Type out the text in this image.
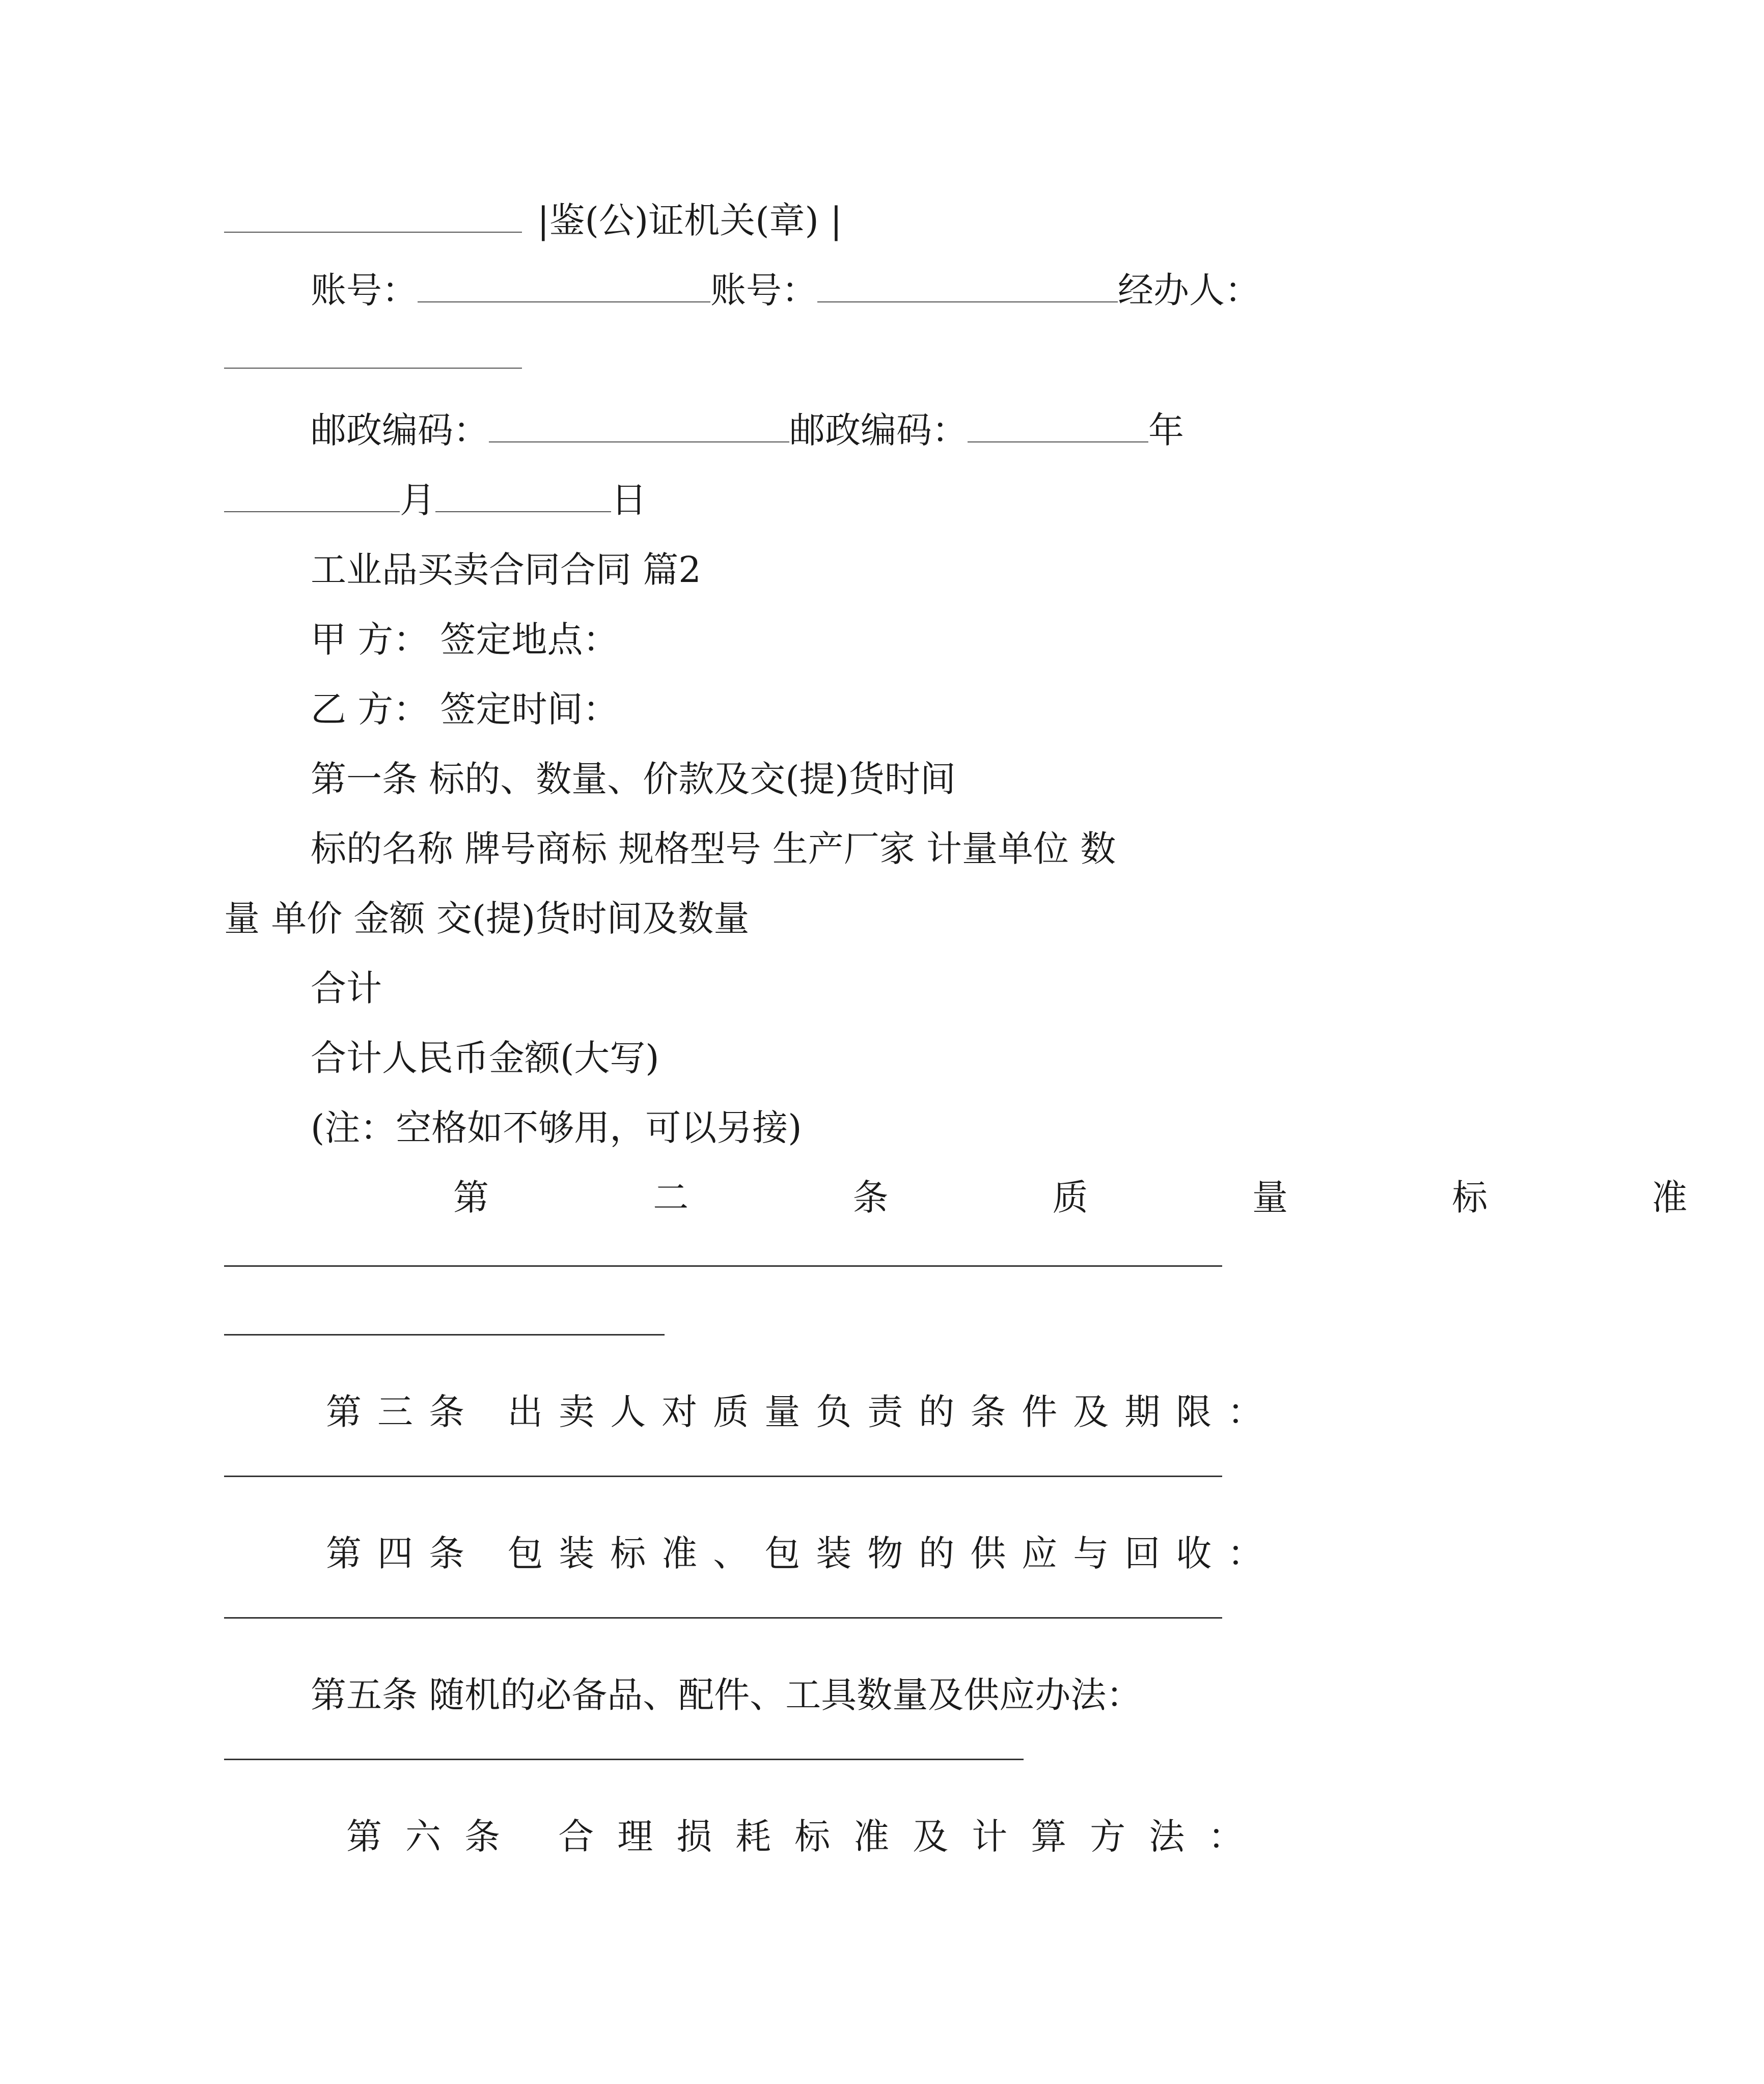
|鉴(公)证机关(章) |
账号：	账号：	经办人：
邮政编码：	邮政编码：	年
月	日
工业品买卖合同合同 篇2
甲 方： 签定地点：
乙 方： 签定时间：
第一条 标的、数量、价款及交(提)货时间
标的名称 牌号商标 规格型号 生产厂家 计量单位 数
量 单价 金额 交(提)货时间及数量
合计
合计人民币金额(大写)
(注：空格如不够用，可以另接)
第 二 条 质 量 标 准
第三条 出卖人对质量负责的条件及期限：
第四条 包装标准、包装物的供应与回收：
第五条 随机的必备品、配件、工具数量及供应办法：
第六条 合理损耗标准及计算方法：
